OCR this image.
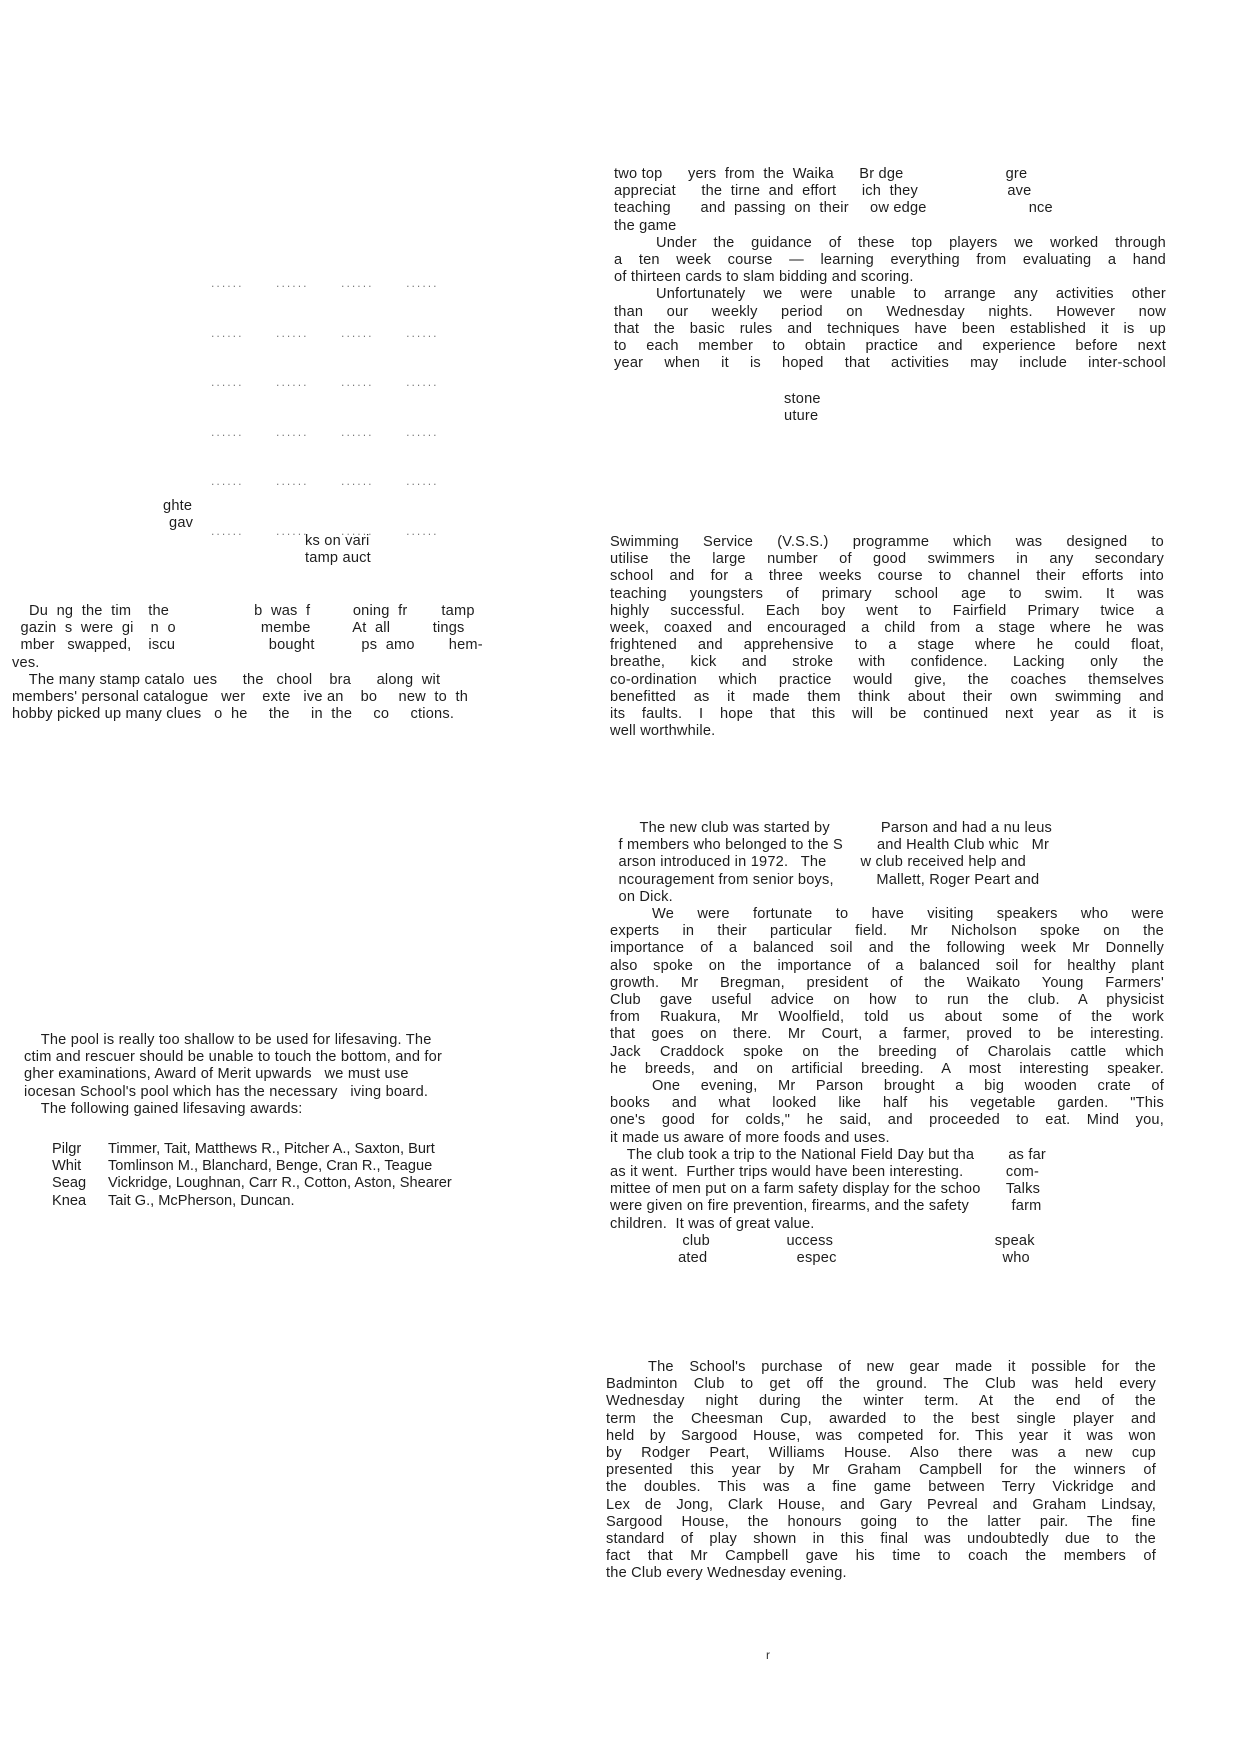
two top      yers  from  the  Waika      Br dge                        gre
appreciat      the  tirne  and  effort      ich  they                     ave
teaching       and  passing  on  their     ow edge                        nce
the game
Under the guidance of these top players we worked through
a ten week course — learning everything from evaluating a hand
of thirteen cards to slam bidding and scoring.
Unfortunately we were unable to arrange any activities other
than our weekly period on Wednesday nights. However now
that the basic rules and techniques have been established it is up
to each member to obtain practice and experience before next
year when it is hoped that activities may include inter-school
stone
uture

......      ......      ......      ......

......      ......      ......      ......

......      ......      ......      ......

......      ......      ......      ......

......      ......      ......      ......

......      ......      ......      ......

ghte
gav
ks on vari
tamp auct
Du  ng  the  tim    the                    b  was  f          oning  fr        tamp
gazin  s  were  gi    n  o                    membe          At  all          tings
mber   swapped,    iscu                      bought           ps  amo        hem-
ves.
The many stamp catalo  ues      the   chool    bra      along  wit
members' personal catalogue   wer    exte   ive an    bo     new  to  th
hobby picked up many clues   o  he     the     in  the     co     ctions.
Swimming Service (V.S.S.) programme which was designed to
utilise the large number of good swimmers in any secondary
school and for a three weeks course to channel their efforts into
teaching youngsters of primary school age to swim. It was
highly successful. Each boy went to Fairfield Primary twice a
week, coaxed and encouraged a child from a stage where he was
frightened and apprehensive to a stage where he could float,
breathe, kick and stroke with confidence. Lacking only the
co-ordination which practice would give, the coaches themselves
benefitted as it made them think about their own swimming and
its faults. I hope that this will be continued next year as it is
well worthwhile.
The new club was started by            Parson and had a nu leus
f members who belonged to the S        and Health Club whic   Mr
arson introduced in 1972.   The        w club received help and
ncouragement from senior boys,          Mallett, Roger Peart and
on Dick.
We were fortunate to have visiting speakers who were
experts in their particular field. Mr Nicholson spoke on the
importance of a balanced soil and the following week Mr Donnelly
also spoke on the importance of a balanced soil for healthy plant
growth. Mr Bregman, president of the Waikato Young Farmers'
Club gave useful advice on how to run the club. A physicist
from Ruakura, Mr Woolfield, told us about some of the work
that goes on there. Mr Court, a farmer, proved to be interesting.
Jack Craddock spoke on the breeding of Charolais cattle which
he breeds, and on artificial breeding. A most interesting speaker.
One evening, Mr Parson brought a big wooden crate of
books and what looked like half his vegetable garden. "This
one's good for colds," he said, and proceeded to eat. Mind you,
it made us aware of more foods and uses.
The club took a trip to the National Field Day but tha        as far
as it went.  Further trips would have been interesting.          com-
mittee of men put on a farm safety display for the schoo      Talks
were given on fire prevention, firearms, and the safety          farm
children.  It was of great value.
club                  uccess                                      speak
ated                     espec                                       who
The pool is really too shallow to be used for lifesaving. The
ctim and rescuer should be unable to touch the bottom, and for
gher examinations, Award of Merit upwards   we must use
iocesan School's pool which has the necessary   iving board.
The following gained lifesaving awards:
Pilgr	Timmer, Tait, Matthews R., Pitcher A., Saxton, Burt
Whit	Tomlinson M., Blanchard, Benge, Cran R., Teague
Seag	Vickridge, Loughnan, Carr R., Cotton, Aston, Shearer
Knea	Tait G., McPherson, Duncan.
The School's purchase of new gear made it possible for the
Badminton Club to get off the ground. The Club was held every
Wednesday night during the winter term. At the end of the
term the Cheesman Cup, awarded to the best single player and
held by Sargood House, was competed for. This year it was won
by Rodger Peart, Williams House. Also there was a new cup
presented this year by Mr Graham Campbell for the winners of
the doubles. This was a fine game between Terry Vickridge and
Lex de Jong, Clark House, and Gary Pevreal and Graham Lindsay,
Sargood House, the honours going to the latter pair. The fine
standard of play shown in this final was undoubtedly due to the
fact that Mr Campbell gave his time to coach the members of
the Club every Wednesday evening.
r
